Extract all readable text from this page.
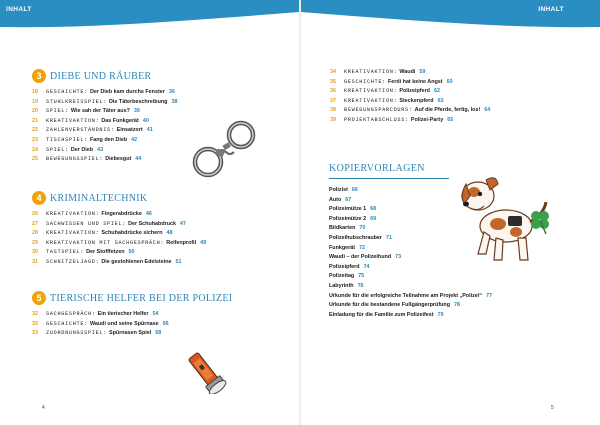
INHALT	INHALT
3 DIEBE UND RÄUBER
18	GESCHICHTE :	Der Dieb kam durchs Fenster 36
19	STUHLKREISSPIEL :	Die Täterbeschreibung 38
20	SPIEL :	Wie sah der Täter aus? 39
21	KREATIVAKTION :	Das Funkgerät 40
22	ZAHLENVERSTÄNDNIS :	Einsatzort 41
23	TISCHSPIEL :	Fang den Dieb 42
24	SPIEL :	Der Dieb 43
25	BEWEGUNGSSPIEL :	Diebesgut 44
4 KRIMINALTECHNIK
26	KREATIVAKTION :	Fingerabdrücke 46
27	SACHWISSEN UND SPIEL :	Der Schuhabdruck 47
28	KREATIVAKTION :	Schuhabdrücke sichern 48
29	KREATIVAKTION MIT SACHGESPRÄCH :	Reifenprofil 49
30	TASTSPIEL :	Der Stofffetzen 50
31	SCHNITZELJAGD :	Die gestohlenen Edelsteine 51
5 TIERISCHE HELFER BEI DER POLIZEI
32	SACHGESPRÄCH :	Ein tierischer Helfer 54
33	GESCHICHTE :	Waudi und seine Spürnase 56
33	ZUORDNUNGSSPIEL :	Spürnasen Spiel 58
34	KREATIVAKTION :	Waudi 59
35	GESCHICHTE :	Ferdi hat keine Angst 60
36	KREATIVAKTION :	Polizeipferd 62
37	KREATIVAKTION :	Steckenpferd 63
38	BEWEGUNGSPARCOURS :	Auf die Pferde, fertig, los! 64
39	PROJEKTABSCHLUSS :	Polizei-Party 65
KOPIERVORLAGEN
Polizist 66
Auto 67
Polizeimütze 1 68
Polizeimütze 2 69
Bildkarten 70
Polizeihubschrauber 71
Funkgerät 72
Waudi – der Polizeihund 73
Polizeipferd 74
Polizeitag 75
Labyrinth 76
Urkunde für die erfolgreiche Teilnahme am Projekt „Polizei“ 77
Urkunde für die bestandene Fußgängerprüfung 78
Einladung für die Familie zum Polizeifest 79
4	5
